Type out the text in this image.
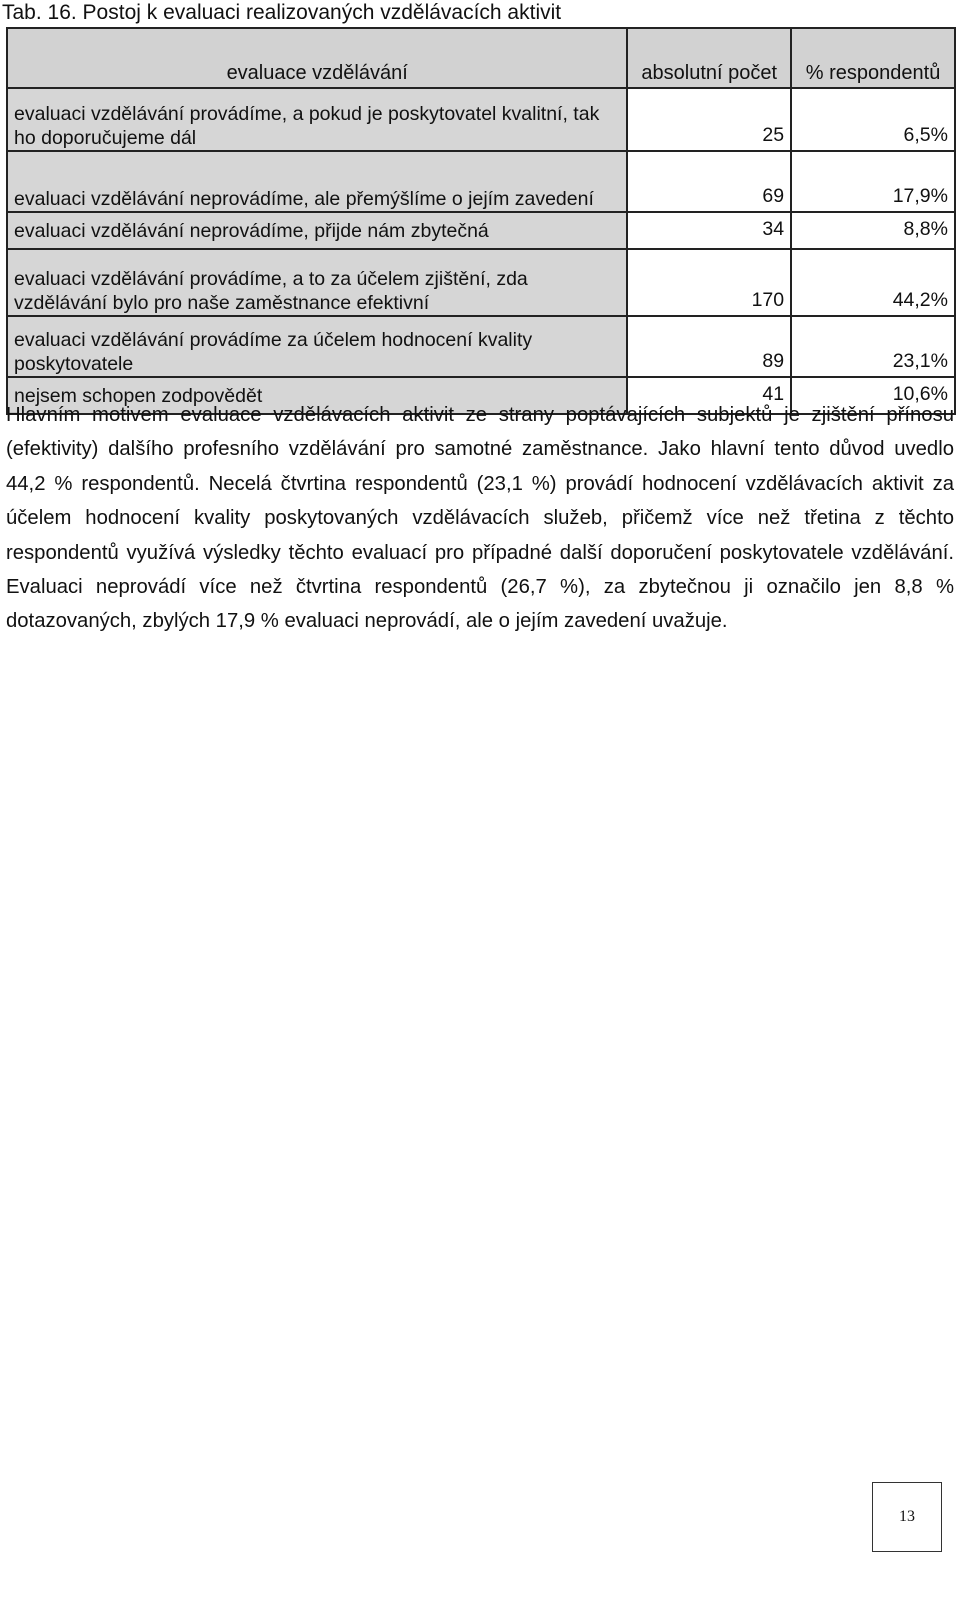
Tab. 16. Postoj k evaluaci realizovaných vzdělávacích aktivit
evaluace vzdělávání	absolutní počet	% respondentů
evaluaci vzdělávání provádíme, a pokud je poskytovatel kvalitní, tak ho doporučujeme dál	25	6,5%
evaluaci vzdělávání neprovádíme, ale přemýšlíme o jejím zavedení	69	17,9%
evaluaci vzdělávání neprovádíme, přijde nám zbytečná	34	8,8%
evaluaci vzdělávání provádíme, a to za účelem zjištění, zda vzdělávání bylo pro naše zaměstnance efektivní	170	44,2%
evaluaci vzdělávání provádíme za účelem hodnocení kvality poskytovatele	89	23,1%
nejsem schopen zodpovědět	41	10,6%

Hlavním motivem evaluace vzdělávacích aktivit ze strany poptávajících subjektů je zjištění přínosu (efektivity) dalšího profesního vzdělávání pro samotné zaměstnance. Jako hlavní tento důvod uvedlo 44,2 % respondentů. Necelá čtvrtina respondentů (23,1 %) provádí hodnocení vzdělávacích aktivit za účelem hodnocení kvality poskytovaných vzdělávacích služeb, přičemž více než třetina z těchto respondentů využívá výsledky těchto evaluací pro případné další doporučení poskytovatele vzdělávání. Evaluaci neprovádí více než čtvrtina respondentů (26,7 %), za zbytečnou ji označilo jen 8,8 % dotazovaných, zbylých 17,9 % evaluaci neprovádí, ale o jejím zavedení uvažuje.

13
